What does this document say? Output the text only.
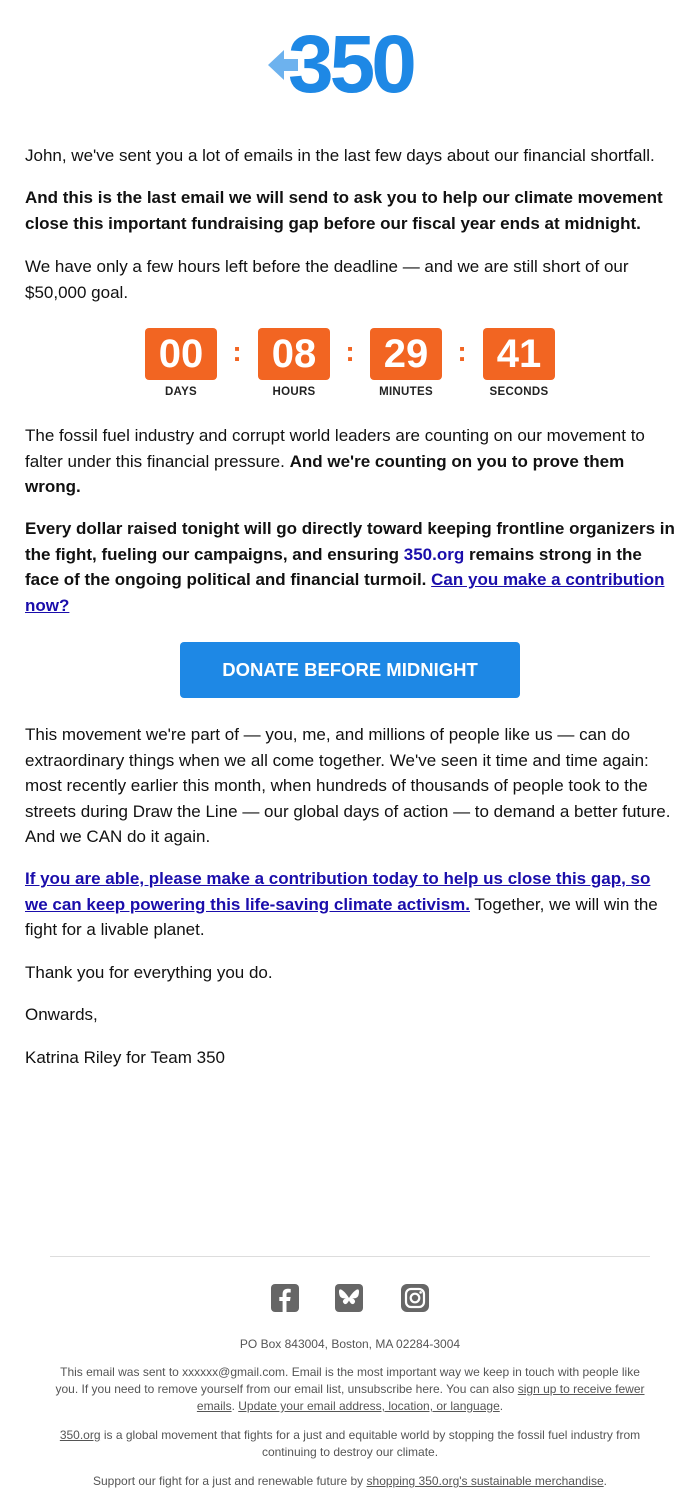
350
John, we've sent you a lot of emails in the last few days about our financial shortfall.
And this is the last email we will send to ask you to help our climate movement close this important fundraising gap before our fiscal year ends at midnight.
We have only a few hours left before the deadline — and we are still short of our $50,000 goal.
00
DAYS
: 08
HOURS
: 29
MINUTES
: 41
SECONDS
The fossil fuel industry and corrupt world leaders are counting on our movement to falter under this financial pressure. And we're counting on you to prove them wrong.
Every dollar raised tonight will go directly toward keeping frontline organizers in the fight, fueling our campaigns, and ensuring 350.org remains strong in the face of the ongoing political and financial turmoil. Can you make a contribution now?
DONATE BEFORE MIDNIGHT
This movement we're part of — you, me, and millions of people like us — can do extraordinary things when we all come together. We've seen it time and time again: most recently earlier this month, when hundreds of thousands of people took to the streets during Draw the Line — our global days of action — to demand a better future. And we CAN do it again.
If you are able, please make a contribution today to help us close this gap, so we can keep powering this life-saving climate activism. Together, we will win the fight for a livable planet.
Thank you for everything you do.
Onwards,
Katrina Riley for Team 350
PO Box 843004, Boston, MA 02284-3004
This email was sent to xxxxxx@gmail.com. Email is the most important way we keep in touch with people like you. If you need to remove yourself from our email list, unsubscribe here. You can also sign up to receive fewer emails. Update your email address, location, or language.
350.org is a global movement that fights for a just and equitable world by stopping the fossil fuel industry from continuing to destroy our climate.
Support our fight for a just and renewable future by shopping 350.org's sustainable merchandise.
